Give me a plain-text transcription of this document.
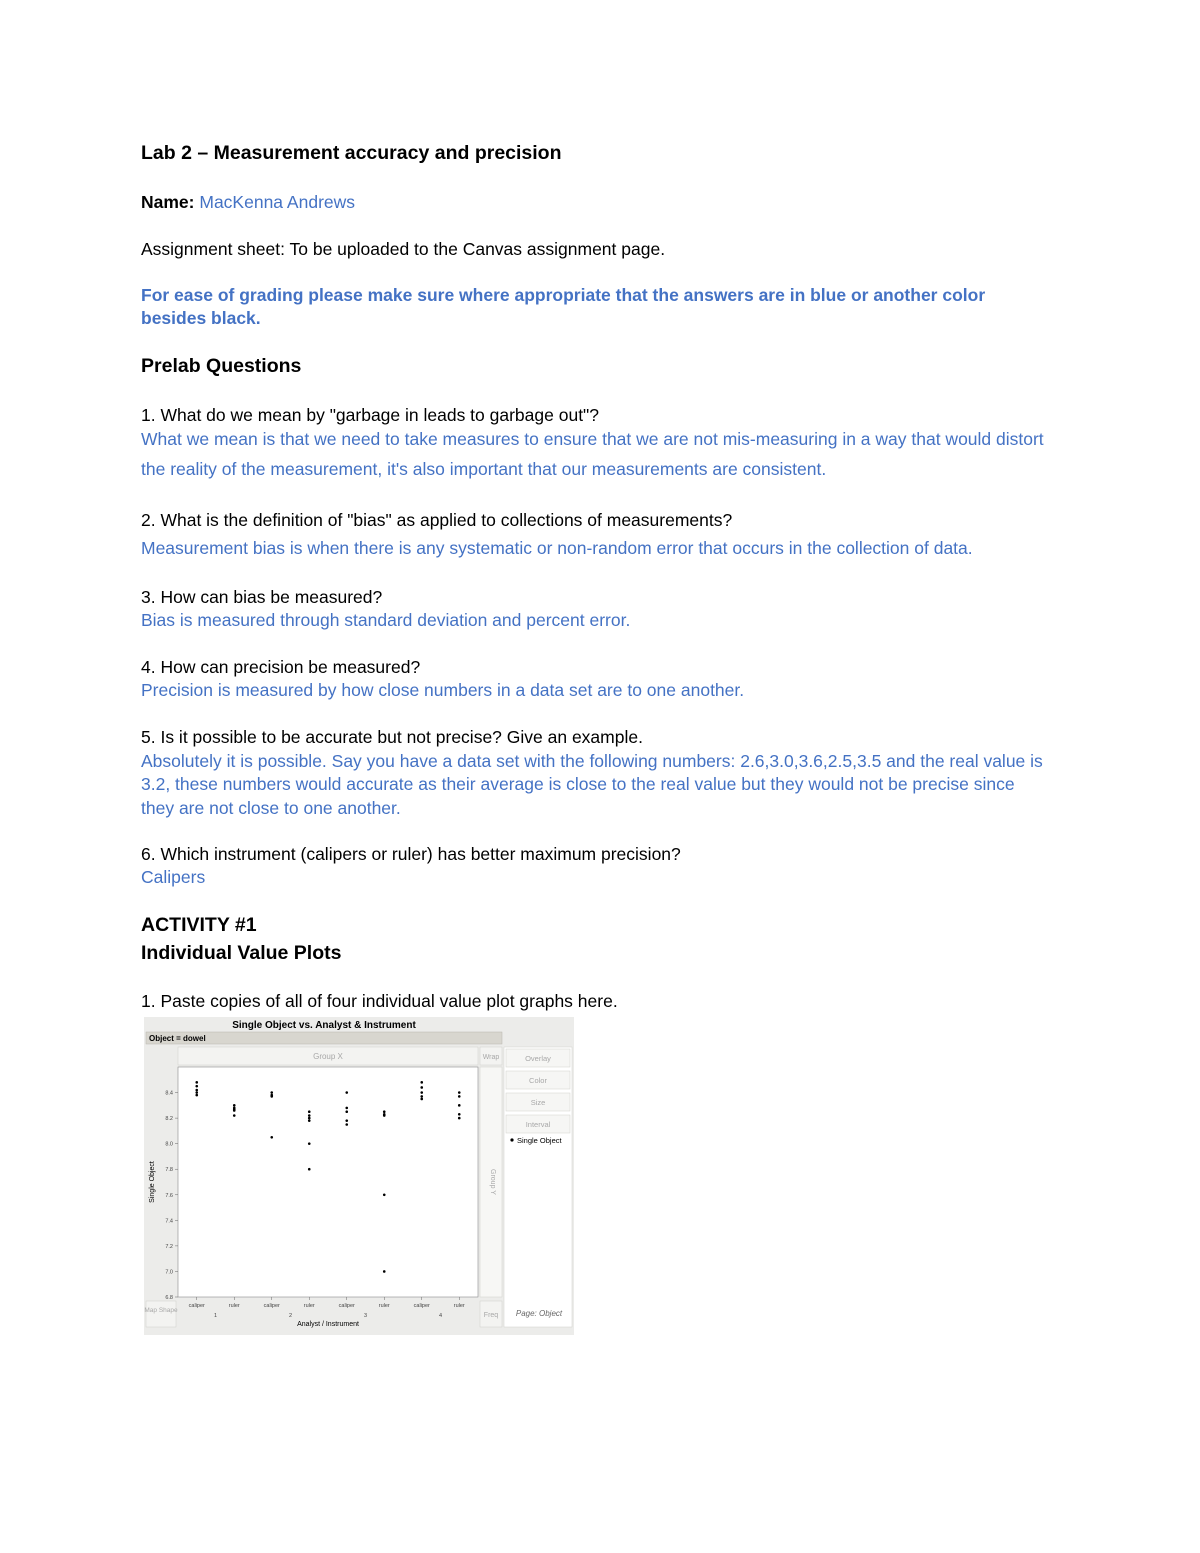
Lab 2 – Measurement accuracy and precision
Name: MacKenna Andrews
Assignment sheet: To be uploaded to the Canvas assignment page.
For ease of grading please make sure where appropriate that the answers are in blue or another color
besides black.
Prelab Questions
1. What do we mean by "garbage in leads to garbage out"?
What we mean is that we need to take measures to ensure that we are not mis-measuring in a way that would distort
the reality of the measurement, it's also important that our measurements are consistent.
2. What is the definition of "bias" as applied to collections of measurements?
Measurement bias is when there is any systematic or non-random error that occurs in the collection of data.
3. How can bias be measured?
Bias is measured through standard deviation and percent error.
4. How can precision be measured?
Precision is measured by how close numbers in a data set are to one another.
5. Is it possible to be accurate but not precise? Give an example.
Absolutely it is possible. Say you have a data set with the following numbers: 2.6,3.0,3.6,2.5,3.5 and the real value is
3.2, these numbers would accurate as their average is close to the real value but they would not be precise since
they are not close to one another.
6. Which instrument (calipers or ruler) has better maximum precision?
Calipers
ACTIVITY #1
Individual Value Plots
1. Paste copies of all of four individual value plot graphs here.
Single Object vs. Analyst & Instrument
Object = dowel
Group X	Wrap
8.4
8.2
8.0
7.8
7.6
7.4
7.2
7.0
6.8
caliper	ruler	caliper	ruler	caliper	ruler	caliper	ruler
1	2	3	4
Single Object
Analyst / Instrument
Group Y
Freq
Map Shape
Overlay
Color
Size
Interval
Single Object
Page: Object
